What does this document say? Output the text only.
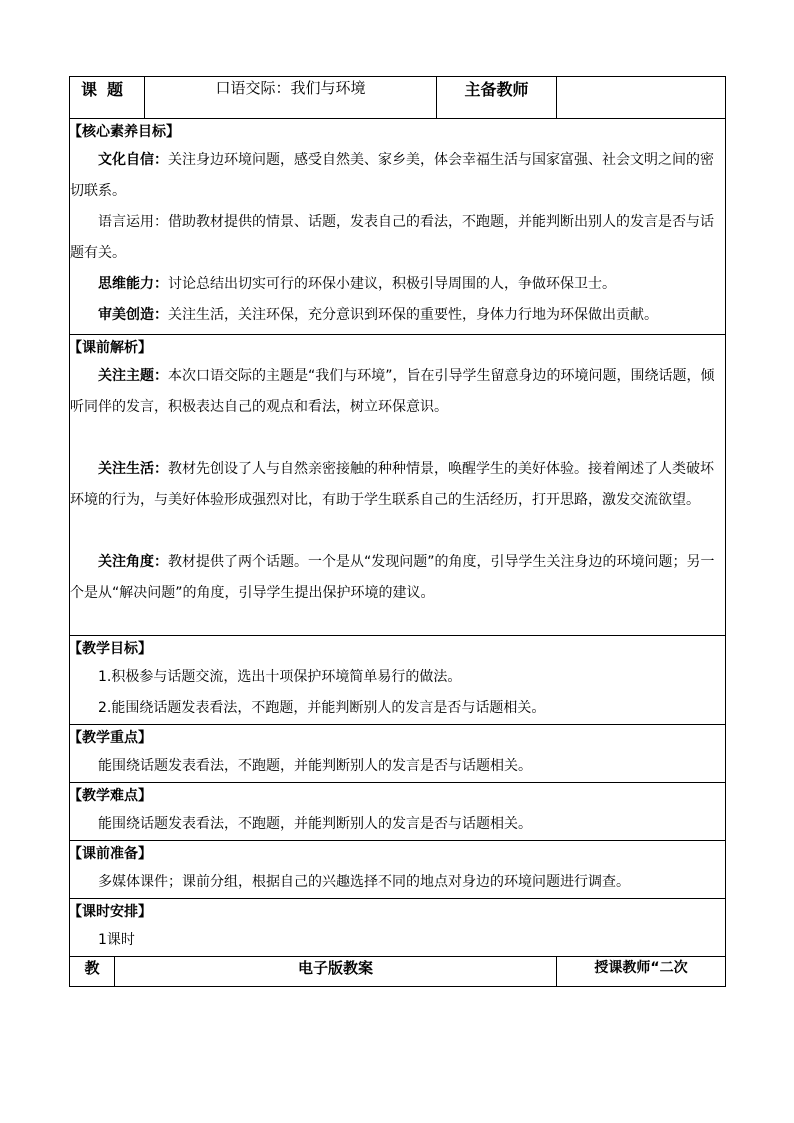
课题		口语交际：我们与环境	主备教师	

【核心素养目标】

文化自信：关注身边环境问题，感受自然美、家乡美，体会幸福生活与国家富强、社会文明之间的密切联系。

语言运用：借助教材提供的情景、话题，发表自己的看法，不跑题，并能判断出别人的发言是否与话题有关。

思维能力：讨论总结出切实可行的环保小建议，积极引导周围的人，争做环保卫士。

审美创造：关注生活，关注环保，充分意识到环保的重要性，身体力行地为环保做出贡献。				

【课前解析】

关注主题：本次口语交际的主题是“我们与环境”，旨在引导学生留意身边的环境问题，围绕话题，倾听同伴的发言，积极表达自己的观点和看法，树立环保意识。

关注生活：教材先创设了人与自然亲密接触的种种情景，唤醒学生的美好体验。接着阐述了人类破坏环境的行为，与美好体验形成强烈对比，有助于学生联系自己的生活经历，打开思路，激发交流欲望。

关注角度：教材提供了两个话题。一个是从“发现问题”的角度，引导学生关注身边的环境问题；另一个是从“解决问题”的角度，引导学生提出保护环境的建议。				

【教学目标】

1.积极参与话题交流，选出十项保护环境简单易行的做法。

2.能围绕话题发表看法，不跑题，并能判断别人的发言是否与话题相关。				

【教学重点】

能围绕话题发表看法，不跑题，并能判断别人的发言是否与话题相关。				

【教学难点】

能围绕话题发表看法，不跑题，并能判断别人的发言是否与话题相关。				

【课前准备】

多媒体课件；课前分组，根据自己的兴趣选择不同的地点对身边的环境问题进行调查。				

【课时安排】

1课时				

教	电子版教案			授课教师“二次
